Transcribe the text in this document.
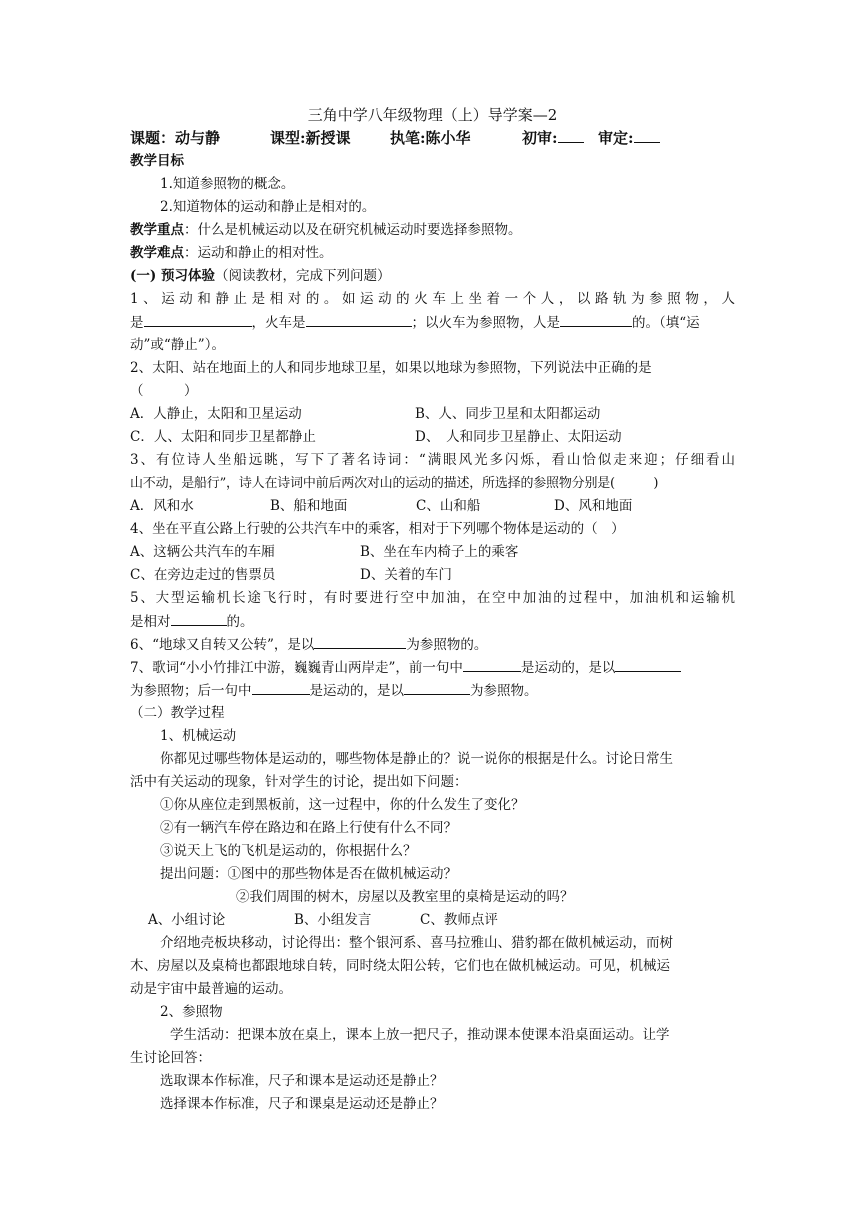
三角中学八年级物理（上）导学案—2
课题：动与静	课型:新授课	执笔:陈小华	初审:	审定:
教学目标
1.知道参照物的概念。
2.知道物体的运动和静止是相对的。
教学重点：什么是机械运动以及在研究机械运动时要选择参照物。
教学难点：运动和静止的相对性。
(一) 预习体验（阅读教材，完成下列问题）
1、运动和静止是相对的。如运动的火车上坐着一个人，以路轨为参照物，人
是	，火车是	；以火车为参照物，人是	的。（填“运
动”或“静止”）。
2、太阳、站在地面上的人和同步地球卫星，如果以地球为参照物，下列说法中正确的是
（　　　）
A．人静止，太阳和卫星运动	B、人、同步卫星和太阳都运动
C．人、太阳和同步卫星都静止	D、　人和同步卫星静止、太阳运动
3、有位诗人坐船远眺，写下了著名诗词：“满眼风光多闪烁，看山恰似走来迎；仔细看山
山不动，是船行”，诗人在诗词中前后两次对山的运动的描述，所选择的参照物分别是(　　　)
A．风和水	B、船和地面	C、山和船	D、风和地面
4、坐在平直公路上行驶的公共汽车中的乘客，相对于下列哪个物体是运动的（　）
A、这辆公共汽车的车厢	B、坐在车内椅子上的乘客
C、在旁边走过的售票员	D、关着的车门
5、大型运输机长途飞行时，有时要进行空中加油，在空中加油的过程中，加油机和运输机
是相对	的。
6、“地球又自转又公转”，是以	为参照物的。
7、歌词“小小竹排江中游，巍巍青山两岸走”，前一句中	是运动的，是以
为参照物；后一句中	是运动的，是以	为参照物。
（二）教学过程
1、机械运动
你都见过哪些物体是运动的，哪些物体是静止的？说一说你的根据是什么。讨论日常生
活中有关运动的现象，针对学生的讨论，提出如下问题：
①你从座位走到黑板前，这一过程中，你的什么发生了变化？
②有一辆汽车停在路边和在路上行使有什么不同？
③说天上飞的飞机是运动的，你根据什么？
提出问题：①图中的那些物体是否在做机械运动？
②我们周围的树木，房屋以及教室里的桌椅是运动的吗？
A、小组讨论	B、小组发言	C、教师点评
介绍地壳板块移动，讨论得出：整个银河系、喜马拉雅山、猎豹都在做机械运动，而树
木、房屋以及桌椅也都跟地球自转，同时绕太阳公转，它们也在做机械运动。可见，机械运
动是宇宙中最普遍的运动。
2、参照物
学生活动：把课本放在桌上，课本上放一把尺子，推动课本使课本沿桌面运动。让学
生讨论回答：
选取课本作标准，尺子和课本是运动还是静止？
选择课本作标准，尺子和课桌是运动还是静止？
